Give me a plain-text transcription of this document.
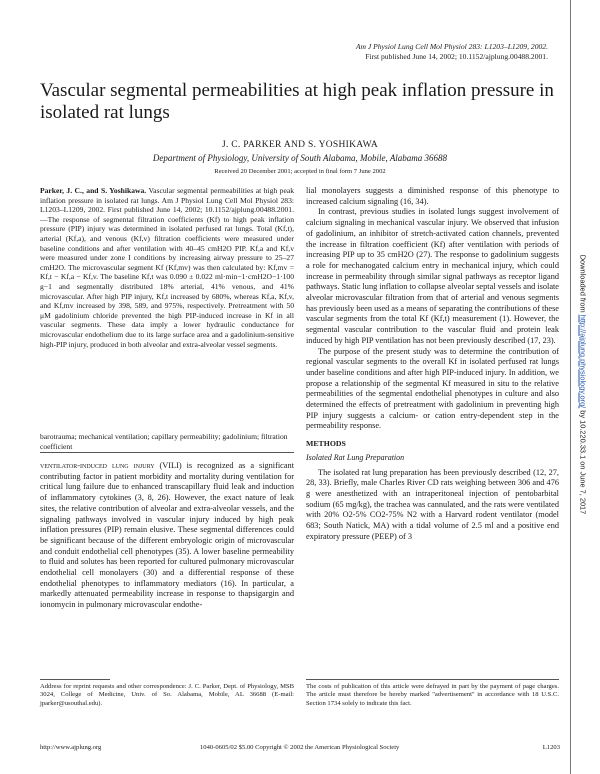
Am J Physiol Lung Cell Mol Physiol 283: L1203–L1209, 2002.
First published June 14, 2002; 10.1152/ajplung.00488.2001.
Vascular segmental permeabilities at high peak inflation pressure in isolated rat lungs
J. C. PARKER AND S. YOSHIKAWA
Department of Physiology, University of South Alabama, Mobile, Alabama 36688
Received 20 December 2001; accepted in final form 7 June 2002
Parker, J. C., and S. Yoshikawa. Vascular segmental permeabilities at high peak inflation pressure in isolated rat lungs. Am J Physiol Lung Cell Mol Physiol 283: L1203–L1209, 2002. First published June 14, 2002; 10.1152/ajplung.00488.2001.—The response of segmental filtration coefficients (Kf) to high peak inflation pressure (PIP) injury was determined in isolated perfused rat lungs. Total (Kf,t), arterial (Kf,a), and venous (Kf,v) filtration coefficients were measured under baseline conditions and after ventilation with 40–45 cmH2O PIP. Kf,a and Kf,v were measured under zone I conditions by increasing airway pressure to 25–27 cmH2O. The microvascular segment Kf (Kf,mv) was then calculated by: Kf,mv = Kf,t − Kf,a − Kf,v. The baseline Kf,t was 0.090 ± 0.022 ml·min−1·cmH2O−1·100 g−1 and segmentally distributed 18% arterial, 41% venous, and 41% microvascular. After high PIP injury, Kf,t increased by 680%, whereas Kf,a, Kf,v, and Kf,mv increased by 398, 589, and 975%, respectively. Pretreatment with 50 μM gadolinium chloride prevented the high PIP-induced increase in Kf in all vascular segments. These data imply a lower hydraulic conductance for microvascular endothelium due to its large surface area and a gadolinium-sensitive high-PIP injury, produced in both alveolar and extra-alveolar vessel segments.
barotrauma; mechanical ventilation; capillary permeability; gadolinium; filtration coefficient
ventilator-induced lung injury (VILI) is recognized as a significant contributing factor in patient morbidity and mortality during ventilation for critical lung failure due to enhanced transcapillary fluid leak and induction of inflammatory cytokines (3, 8, 26). However, the exact nature of leak sites, the relative contribution of alveolar and extra-alveolar vessels, and the signaling pathways involved in vascular injury induced by high peak inflation pressures (PIP) remain elusive. These segmental differences could be significant because of the different embryologic origin of microvascular and conduit endothelial cell phenotypes (35). A lower baseline permeability to fluid and solutes has been reported for cultured pulmonary microvascular endothelial cell monolayers (30) and a differential response of these endothelial phenotypes to inflammatory mediators (16). In particular, a markedly attenuated permeability increase in response to thapsigargin and ionomycin in pulmonary microvascular endothe-

lial monolayers suggests a diminished response of this phenotype to increased calcium signaling (16, 34).

In contrast, previous studies in isolated lungs suggest involvement of calcium signaling in mechanical vascular injury. We observed that infusion of gadolinium, an inhibitor of stretch-activated cation channels, prevented the increase in filtration coefficient (Kf) after ventilation with periods of increasing PIP up to 35 cmH2O (27). The response to gadolinium suggests a role for mechanogated calcium entry in mechanical injury, which could increase in permeability through similar signal pathways as receptor ligand pathways. Static lung inflation to collapse alveolar septal vessels and isolate alveolar microvascular filtration from that of arterial and venous segments has previously been used as a means of separating the contributions of these vascular segments from the total Kf (Kf,t) measurement (1). However, the segmental vascular contribution to the vascular fluid and protein leak induced by high PIP ventilation has not been previously described (17, 23).

The purpose of the present study was to determine the contribution of regional vascular segments to the overall Kf in isolated perfused rat lungs under baseline conditions and after high PIP-induced injury. In addition, we propose a relationship of the segmental Kf measured in situ to the relative permeabilities of the segmental endothelial phenotypes in culture and also determined the effects of pretreatment with gadolinium in preventing high PIP injury suggests a calcium- or cation entry-dependent step in the permeability response.

METHODS

Isolated Rat Lung Preparation

The isolated rat lung preparation has been previously described (12, 27, 28, 33). Briefly, male Charles River CD rats weighing between 306 and 476 g were anesthetized with an intraperitoneal injection of pentobarbital sodium (65 mg/kg), the trachea was cannulated, and the rats were ventilated with 20% O2-5% CO2-75% N2 with a Harvard rodent ventilator (model 683; South Natick, MA) with a tidal volume of 2.5 ml and a positive end expiratory pressure (PEEP) of 3

Address for reprint requests and other correspondence: J. C. Parker, Dept. of Physiology, MSB 3024, College of Medicine, Univ. of So. Alabama, Mobile, AL 36688 (E-mail: jparker@usouthal.edu).
The costs of publication of this article were defrayed in part by the payment of page charges. The article must therefore be hereby marked "advertisement" in accordance with 18 U.S.C. Section 1734 solely to indicate this fact.
http://www.ajplung.org	1040-0605/02 $5.00 Copyright © 2002 the American Physiological Society	L1203
Downloaded from http://ajplung.physiology.org/ by 10.220.33.1 on June 7, 2017
